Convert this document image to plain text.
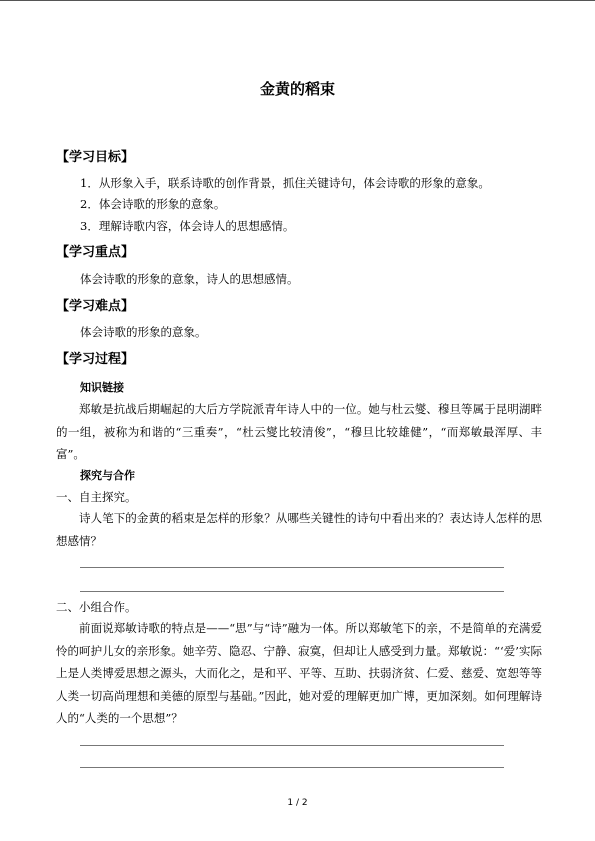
金黄的稻束
【学习目标】
1．从形象入手，联系诗歌的创作背景，抓住关键诗句，体会诗歌的形象的意象。
2．体会诗歌的形象的意象。
3．理解诗歌内容，体会诗人的思想感情。
【学习重点】
体会诗歌的形象的意象，诗人的思想感情。
【学习难点】
体会诗歌的形象的意象。
【学习过程】
知识链接

郑敏是抗战后期崛起的大后方学院派青年诗人中的一位。她与杜云燮、穆旦等属于昆明湖畔的一组，被称为和谐的“三重奏”，“杜云燮比较清俊”，“穆旦比较雄健”，“而郑敏最浑厚、丰富”。

探究与合作
一、自主探究。

诗人笔下的金黄的稻束是怎样的形象？从哪些关键性的诗句中看出来的？表达诗人怎样的思想感情？

二、小组合作。

前面说郑敏诗歌的特点是——“思”与“诗”融为一体。所以郑敏笔下的亲，不是简单的充满爱怜的呵护儿女的亲形象。她辛劳、隐忍、宁静、寂寞，但却让人感受到力量。郑敏说：“‘爱’实际上是人类博爱思想之源头，大而化之，是和平、平等、互助、扶弱济贫、仁爱、慈爱、宽恕等等人类一切高尚理想和美德的原型与基础。”因此，她对爱的理解更加广博，更加深刻。如何理解诗人的“人类的一个思想”？

1 / 2
